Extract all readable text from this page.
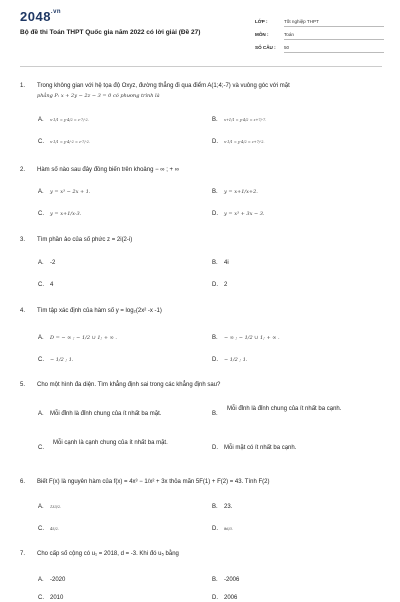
$2048^{.vn}$
Bộ đề thi Toán THPT Quốc gia năm 2022 có lời giải (Đề 27)
LỚP :	Tốt nghiệp THPT
MÔN :	Toán
SỐ CÂU : 50
1. Trong không gian với hệ tọa độ Oxyz, đường thẳng đi qua điểm A(1;4;-7) và vuông góc với mặt
phẳng P: x + 2y − 2z − 3 = 0 có phương trình là
A. x-1/1 = y-4/2 = z-7/-2.	B. x+1/1 = y-4/2 = z+7/-7.
C. x-1/1 = y-4/-2 = z-7/-2.	D. x-1/1 = y-4/2 = z+7/-2.
2. Hàm số nào sau đây đồng biến trên khoảng − ∞ ; + ∞
A. y = x³ − 2x + 1.	B. y = x+1/x+2.
C. y = x+1/x-3.	D. y = x³ + 3x − 3.
3. Tìm phần ảo của số phức z = 2i(2-i)
A. -2	B. 4i
C. 4	D. 2
4. Tìm tập xác định của hàm số y = log₂(2x² -x -1)
A. D = − ∞ ; − 1/2 ∪ 1; + ∞ .	B. − ∞ ; − 1/2 ∪ 1; + ∞ .
C. − 1/2 ; 1.	D. − 1/2 ; 1.
5. Cho một hình đa diện. Tìm khẳng định sai trong các khẳng định sau?
A. Mỗi đỉnh là đỉnh chung của ít nhất ba mặt.	B.
Mỗi đỉnh là đỉnh chung của ít nhất ba cạnh.
C.
Mỗi cạnh là cạnh chung của ít nhất ba mặt.
D. Mỗi mặt có ít nhất ba cạnh.
6. Biết F(x) là nguyên hàm của f(x) = 4x³ − 1/x² + 3x thỏa mãn 5F(1) + F(2) = 43. Tính F(2)
A. 133/2.	B. 23.
C. 45/2.	D. 86/3.
7. Cho cấp số cộng có u₁ = 2018, d = -3. Khi đó u₅ bằng
A. -2020	B. -2006
C. 2010	D. 2006
